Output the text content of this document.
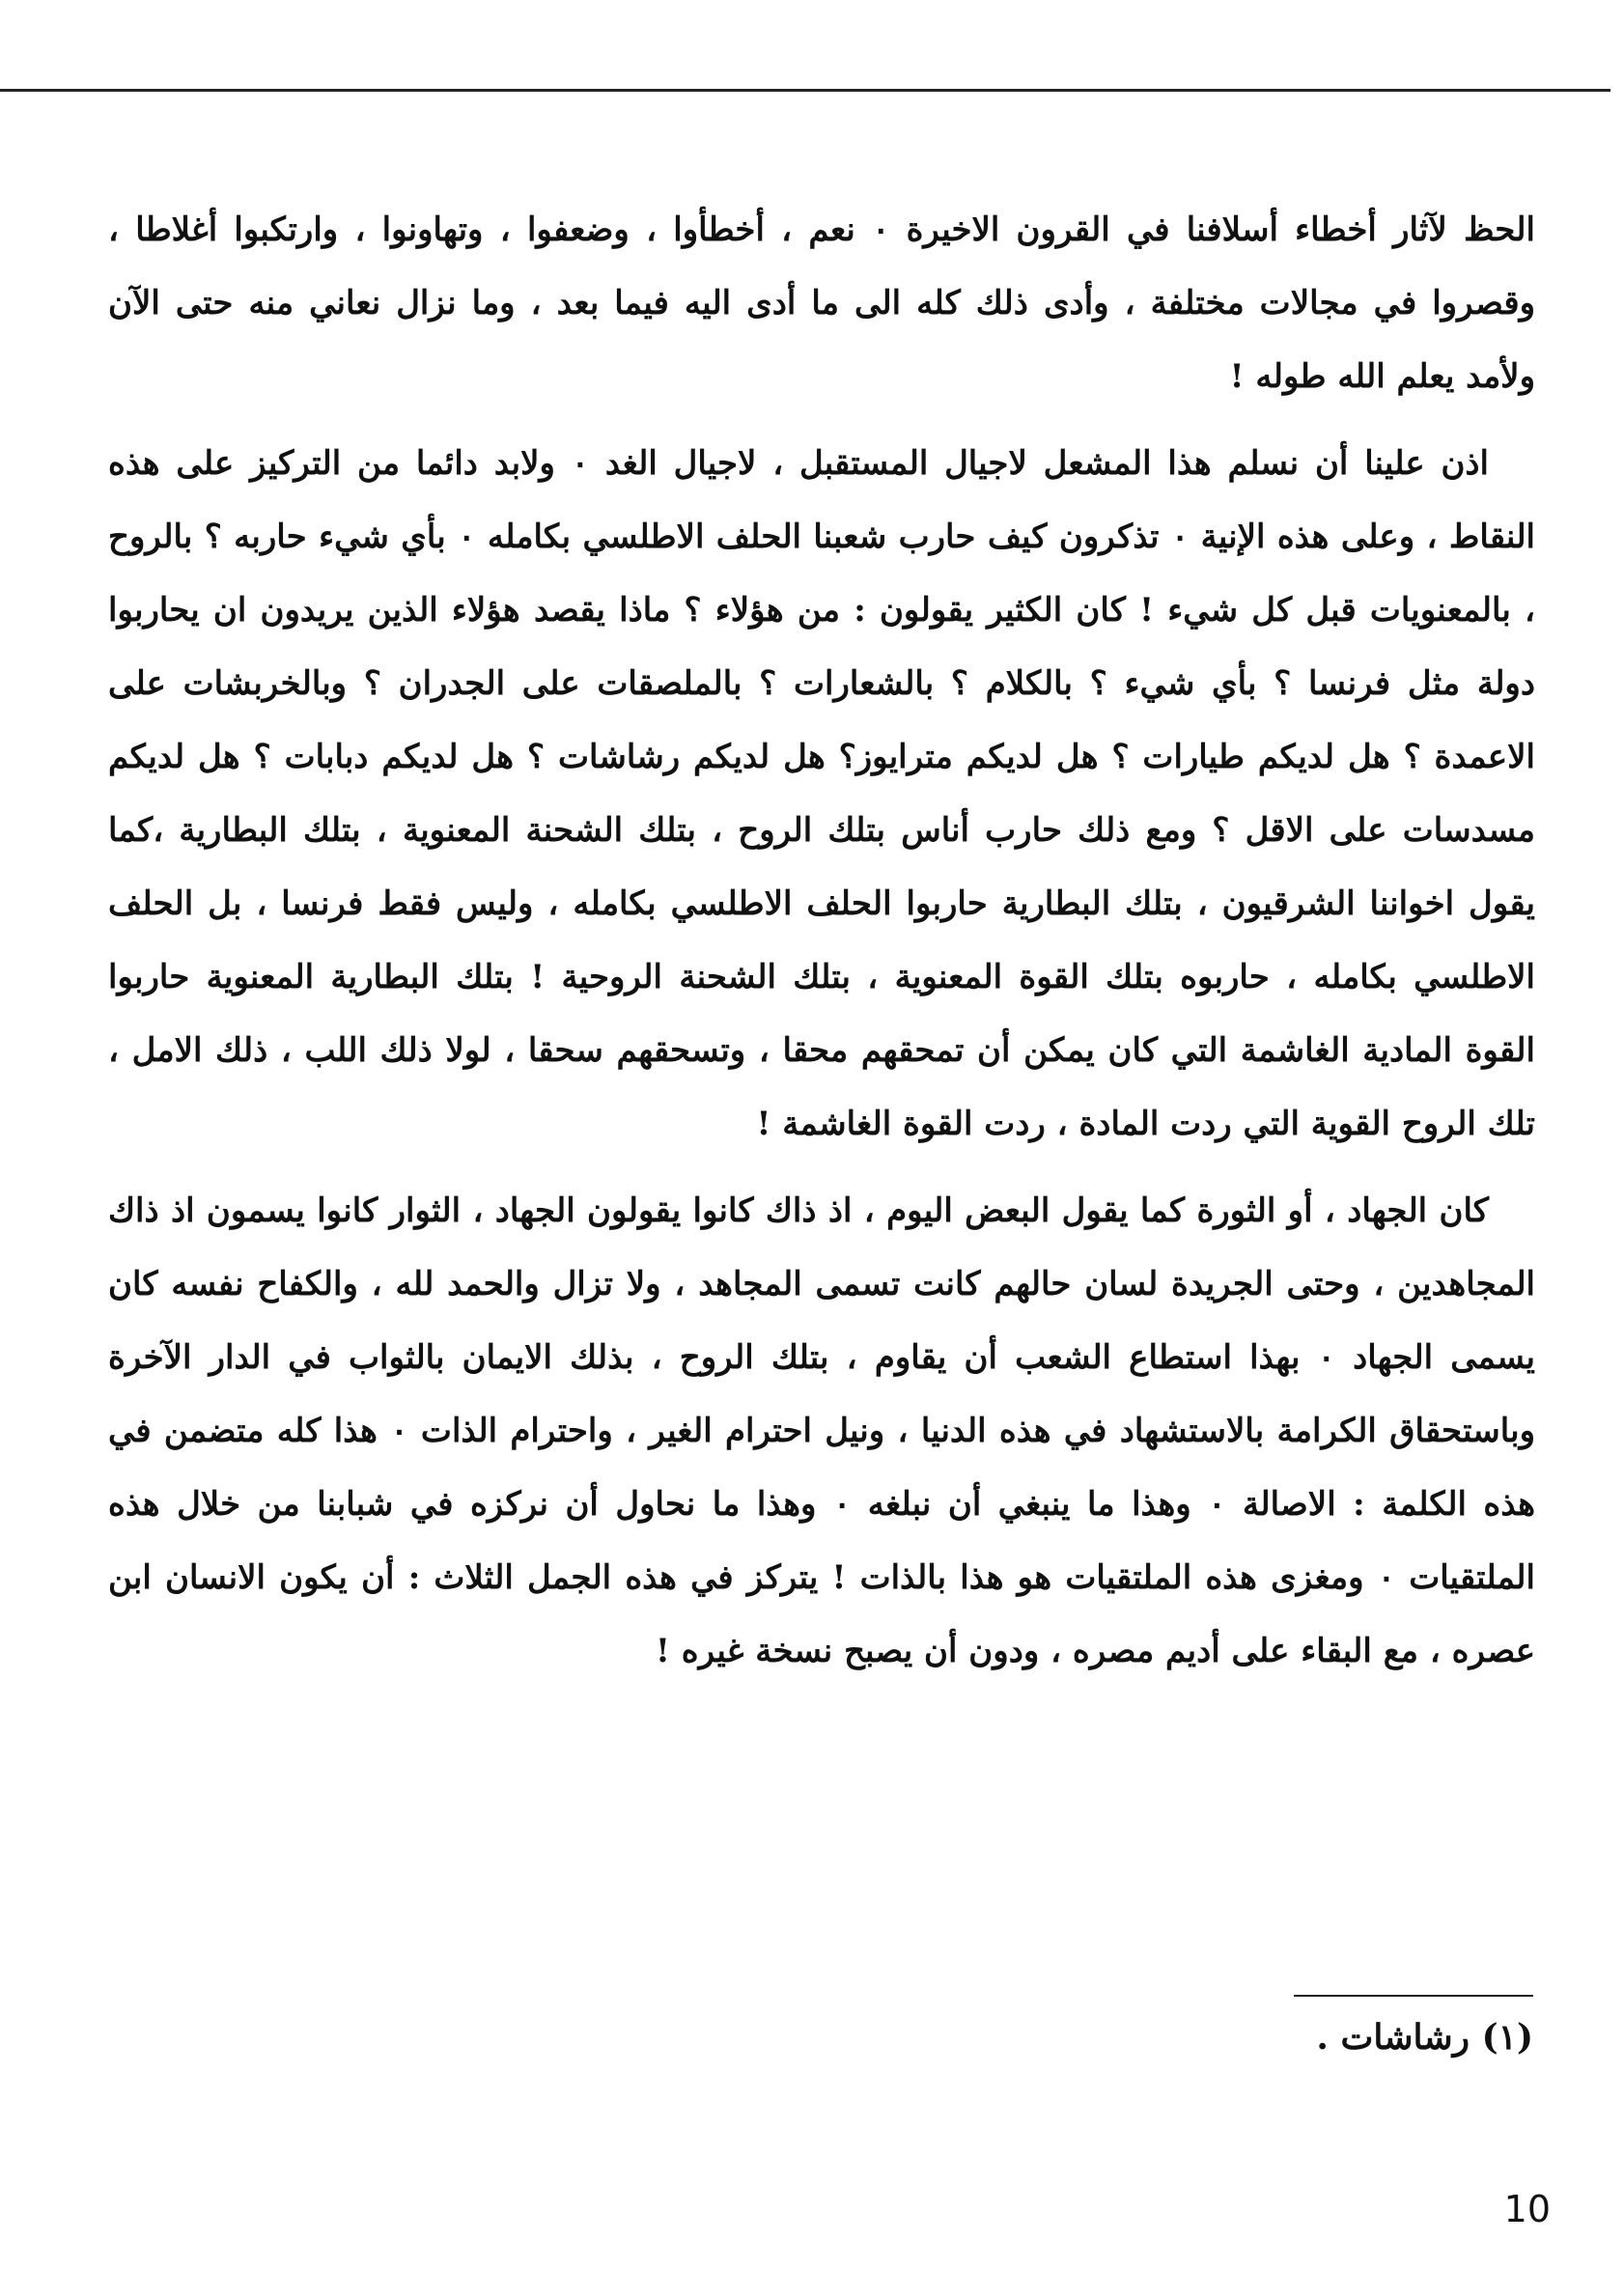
الحظ لآثار أخطاء أسلافنا في القرون الاخيرة ٠ نعم ، أخطأوا ، وضعفوا ، وتهاونوا ، وارتكبوا أغلاطا ، وقصروا في مجالات مختلفة ، وأدى ذلك كله الى ما أدى اليه فيما بعد ، وما نزال نعاني منه حتى الآن ولأمد يعلم الله طوله !

اذن علينا أن نسلم هذا المشعل لاجيال المستقبل ، لاجيال الغد ٠ ولابد دائما من التركيز على هذه النقاط ، وعلى هذه الإنية ٠ تذكرون كيف حارب شعبنا الحلف الاطلسي بكامله ٠ بأي شيء حاربه ؟ بالروح ، بالمعنويات قبل كل شيء ! كان الكثير يقولون : من هؤلاء ؟ ماذا يقصد هؤلاء الذين يريدون ان يحاربوا دولة مثل فرنسا ؟ بأي شيء ؟ بالكلام ؟ بالشعارات ؟ بالملصقات على الجدران ؟ وبالخربشات على الاعمدة ؟ هل لديكم طيارات ؟ هل لديكم مترايوز؟ هل لديكم رشاشات ؟ هل لديكم دبابات ؟ هل لديكم مسدسات على الاقل ؟ ومع ذلك حارب أناس بتلك الروح ، بتلك الشحنة المعنوية ، بتلك البطارية ،كما يقول اخواننا الشرقيون ، بتلك البطارية حاربوا الحلف الاطلسي بكامله ، وليس فقط فرنسا ، بل الحلف الاطلسي بكامله ، حاربوه بتلك القوة المعنوية ، بتلك الشحنة الروحية ! بتلك البطارية المعنوية حاربوا القوة المادية الغاشمة التي كان يمكن أن تمحقهم محقا ، وتسحقهم سحقا ، لولا ذلك اللب ، ذلك الامل ، تلك الروح القوية التي ردت المادة ، ردت القوة الغاشمة !

كان الجهاد ، أو الثورة كما يقول البعض اليوم ، اذ ذاك كانوا يقولون الجهاد ، الثوار كانوا يسمون اذ ذاك المجاهدين ، وحتى الجريدة لسان حالهم كانت تسمى المجاهد ، ولا تزال والحمد لله ، والكفاح نفسه كان يسمى الجهاد ٠ بهذا استطاع الشعب أن يقاوم ، بتلك الروح ، بذلك الايمان بالثواب في الدار الآخرة وباستحقاق الكرامة بالاستشهاد في هذه الدنيا ، ونيل احترام الغير ، واحترام الذات ٠ هذا كله متضمن في هذه الكلمة : الاصالة ٠ وهذا ما ينبغي أن نبلغه ٠ وهذا ما نحاول أن نركزه في شبابنا من خلال هذه الملتقيات ٠ ومغزى هذه الملتقيات هو هذا بالذات ! يتركز في هذه الجمل الثلاث : أن يكون الانسان ابن عصره ، مع البقاء على أديم مصره ، ودون أن يصبح نسخة غيره !

(١) رشاشات .
10
